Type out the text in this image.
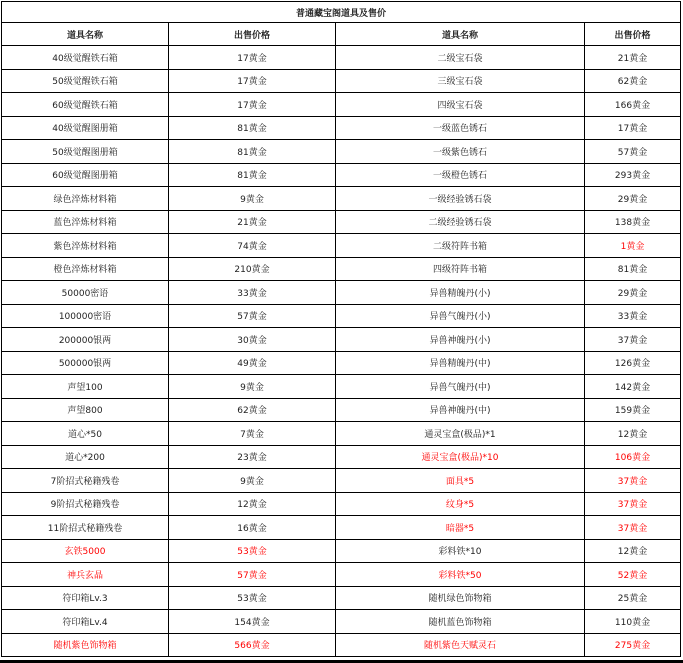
普通藏宝阁道具及售价			
道具名称	出售价格	道具名称	出售价格
40级觉醒铁石箱	17黄金	二级宝石袋	21黄金
50级觉醒铁石箱	17黄金	三级宝石袋	62黄金
60级觉醒铁石箱	17黄金	四级宝石袋	166黄金
40级觉醒图册箱	81黄金	一级蓝色锈石	17黄金
50级觉醒图册箱	81黄金	一级紫色锈石	57黄金
60级觉醒图册箱	81黄金	一级橙色锈石	293黄金
绿色淬炼材料箱	9黄金	一级经验锈石袋	29黄金
蓝色淬炼材料箱	21黄金	二级经验锈石袋	138黄金
紫色淬炼材料箱	74黄金	二级符阵书箱	1黄金
橙色淬炼材料箱	210黄金	四级符阵书箱	81黄金
50000密语	33黄金	异兽精魄丹(小)	29黄金
100000密语	57黄金	异兽气魄丹(小)	33黄金
200000银两	30黄金	异兽神魄丹(小)	37黄金
500000银两	49黄金	异兽精魄丹(中)	126黄金
声望100	9黄金	异兽气魄丹(中)	142黄金
声望800	62黄金	异兽神魄丹(中)	159黄金
道心*50	7黄金	通灵宝盒(极品)*1	12黄金
道心*200	23黄金	通灵宝盒(极品)*10	106黄金
7阶招式秘籍残卷	9黄金	面具*5	37黄金
9阶招式秘籍残卷	12黄金	纹身*5	37黄金
11阶招式秘籍残卷	16黄金	暗器*5	37黄金
玄铁5000	53黄金	彩料铁*10	12黄金
神兵玄晶	57黄金	彩料铁*50	52黄金
符印箱Lv.3	53黄金	随机绿色饰物箱	25黄金
符印箱Lv.4	154黄金	随机蓝色饰物箱	110黄金
随机紫色饰物箱	566黄金	随机紫色天赋灵石	275黄金
